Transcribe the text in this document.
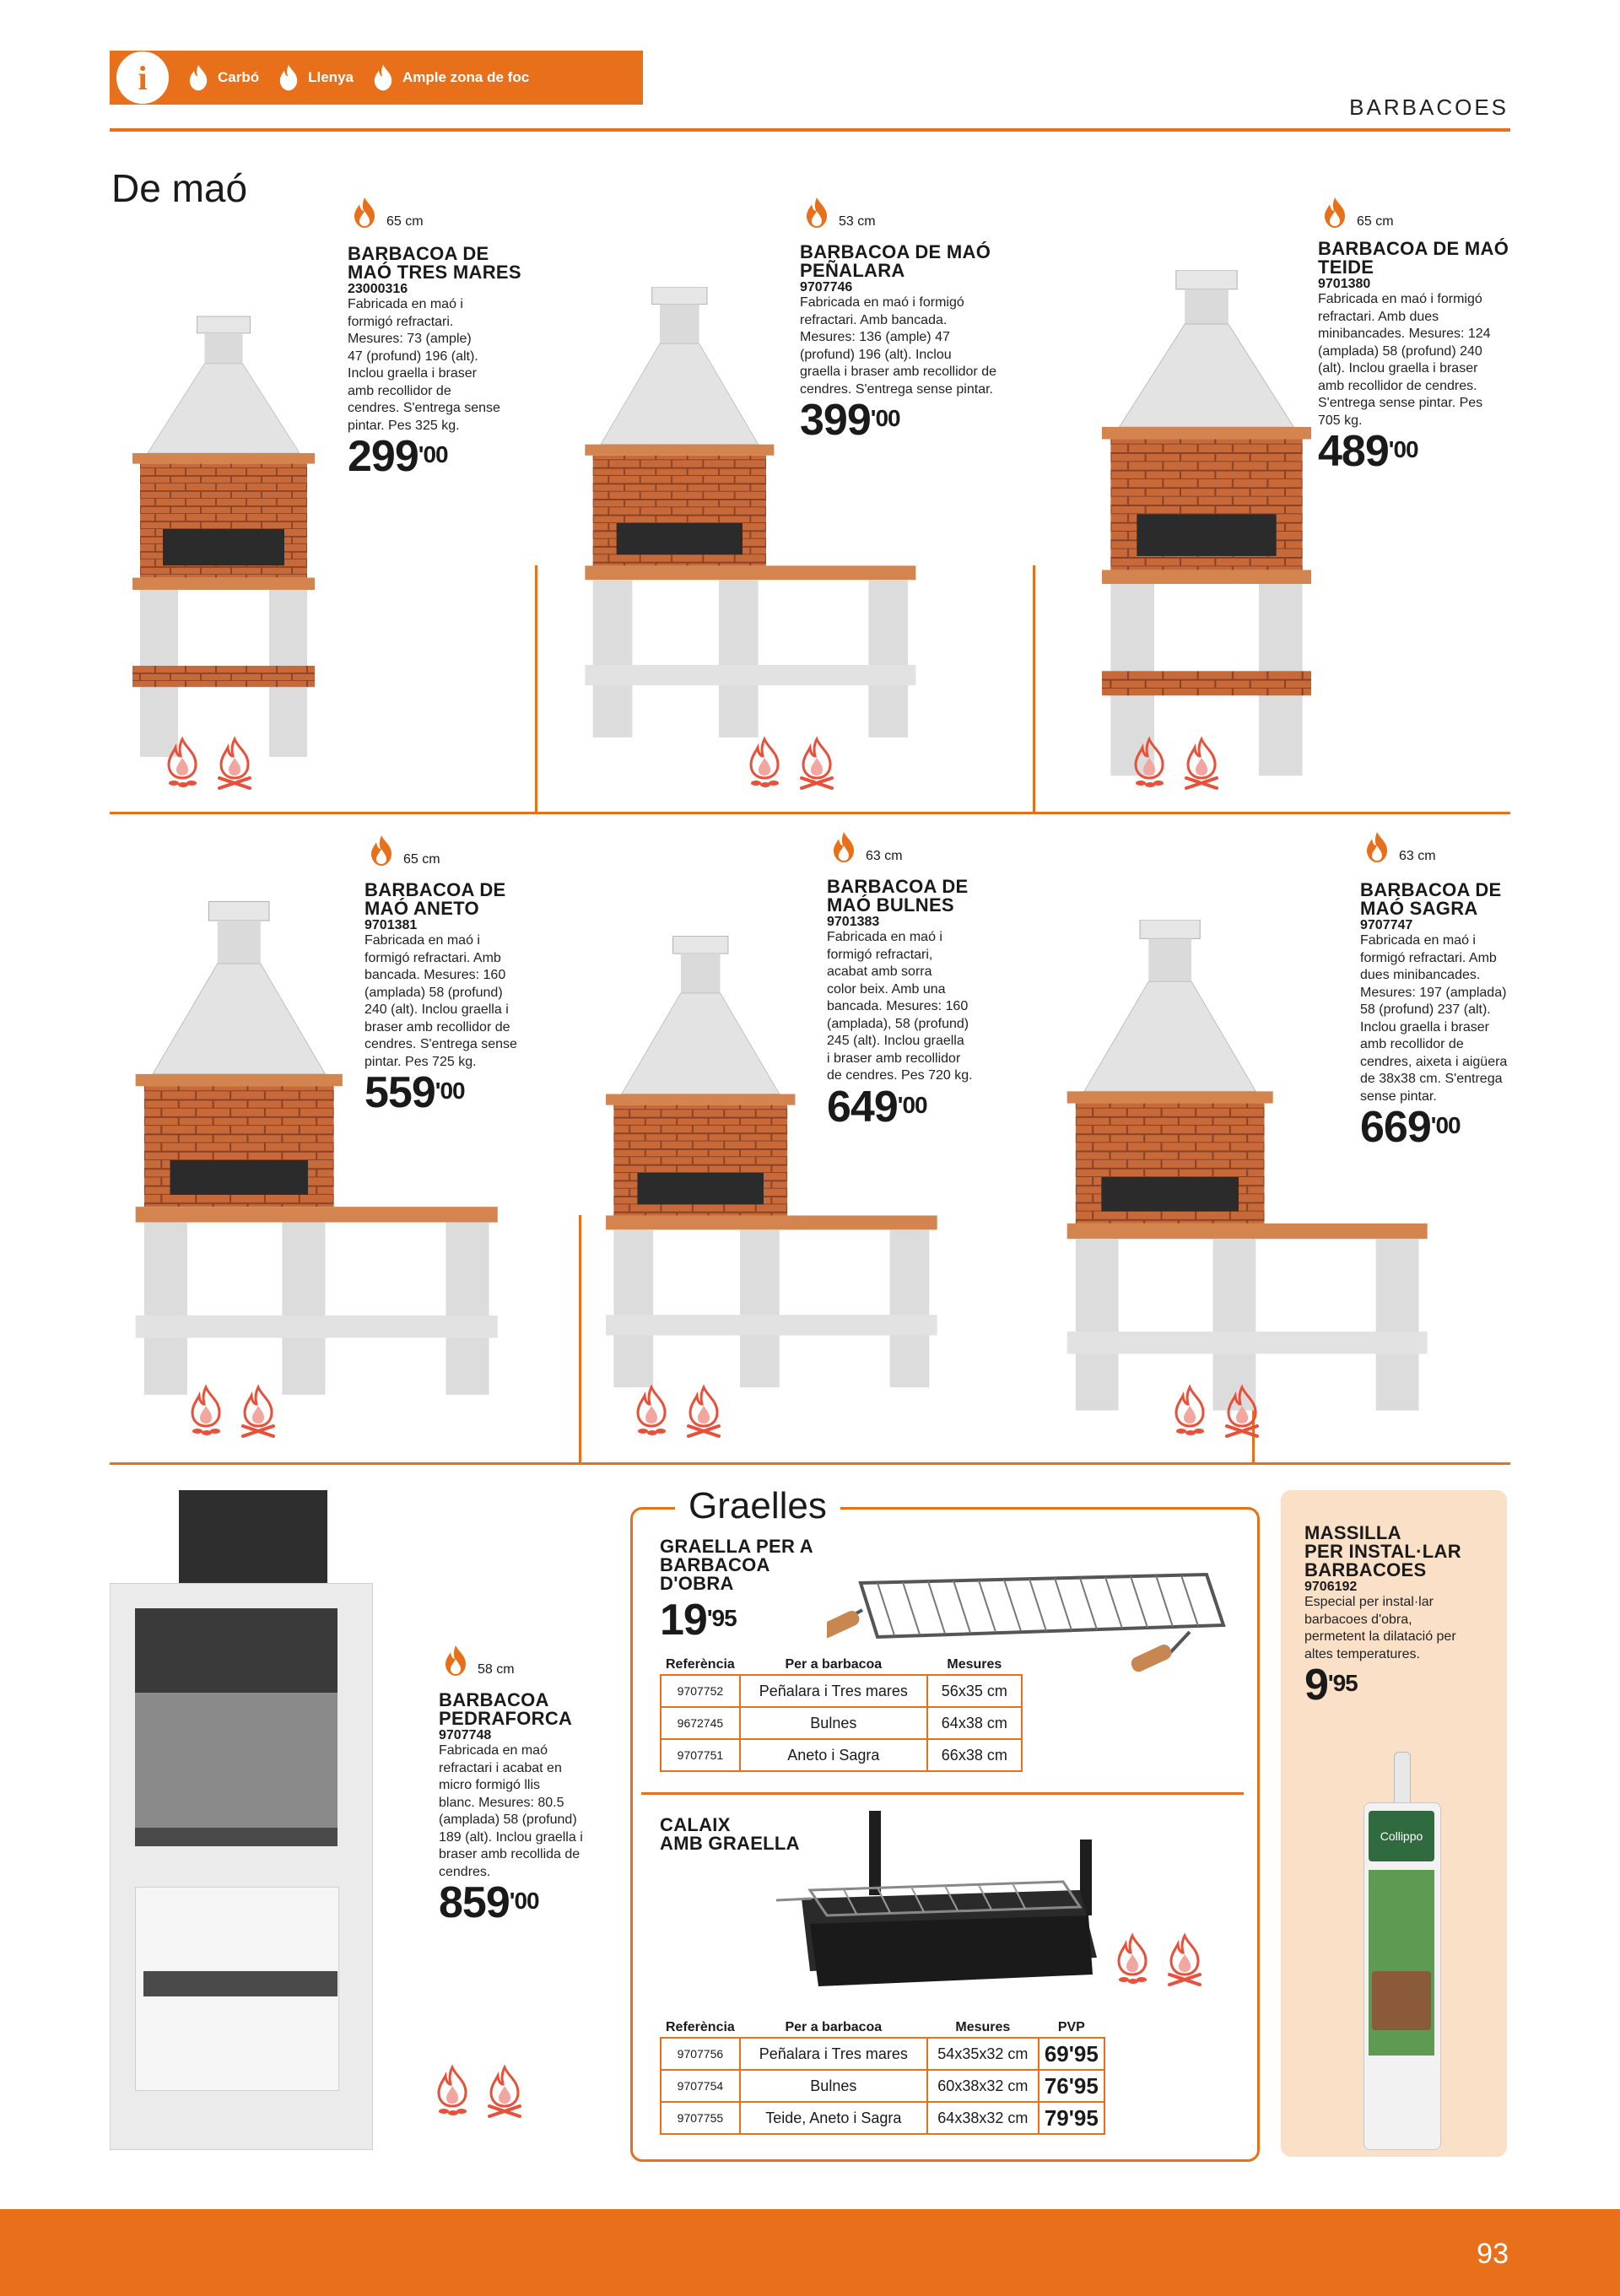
i	Carbó	Llenya	Ample zona de foc
BARBACOES
De maó
65 cm
BARBACOA DE
MAÓ TRES MARES
23000316
Fabricada en maó i
formigó refractari.
Mesures: 73 (ample)
47 (profund) 196 (alt).
Inclou graella i braser
amb recollidor de
cendres. S'entrega sense
pintar. Pes 325 kg.
$299^{'00}$
53 cm
BARBACOA DE MAÓ
PEÑALARA
9707746
Fabricada en maó i formigó
refractari. Amb bancada.
Mesures: 136 (ample) 47
(profund) 196 (alt). Inclou
graella i braser amb recollidor de
cendres. S'entrega sense pintar.
$399^{'00}$
65 cm
BARBACOA DE MAÓ
TEIDE
9701380
Fabricada en maó i formigó
refractari. Amb dues
minibancades. Mesures: 124
(amplada) 58 (profund) 240
(alt). Inclou graella i braser
amb recollidor de cendres.
S'entrega sense pintar. Pes
705 kg.
$489^{'00}$
65 cm
BARBACOA DE
MAÓ ANETO
9701381
Fabricada en maó i
formigó refractari. Amb
bancada. Mesures: 160
(amplada) 58 (profund)
240 (alt). Inclou graella i
braser amb recollidor de
cendres. S'entrega sense
pintar. Pes 725 kg.
$559^{'00}$
63 cm
BARBACOA DE
MAÓ BULNES
9701383
Fabricada en maó i
formigó refractari,
acabat amb sorra
color beix. Amb una
bancada. Mesures: 160
(amplada), 58 (profund)
245 (alt). Inclou graella
i braser amb recollidor
de cendres. Pes 720 kg.
$649^{'00}$
63 cm
BARBACOA DE
MAÓ SAGRA
9707747
Fabricada en maó i
formigó refractari. Amb
dues minibancades.
Mesures: 197 (amplada)
58 (profund) 237 (alt).
Inclou graella i braser
amb recollidor de
cendres, aixeta i aigüera
de 38x38 cm. S'entrega
sense pintar.
$669^{'00}$
58 cm
BARBACOA
PEDRAFORCA
9707748
Fabricada en maó
refractari i acabat en
micro formigó llis
blanc. Mesures: 80.5
(amplada) 58 (profund)
189 (alt). Inclou graella i
braser amb recollida de
cendres.
$859^{'00}$
Graelles
GRAELLA PER A BARBACOA
D'OBRA
$19^{'95}$
Referència	Per a barbacoa	Mesures
9707752	Peñalara i Tres mares	56x35 cm
9672745	Bulnes	64x38 cm
9707751	Aneto i Sagra	66x38 cm
CALAIX
AMB GRAELLA
Referència	Per a barbacoa	Mesures	PVP
9707756	Peñalara i Tres mares	54x35x32 cm	69'95
9707754	Bulnes	60x38x32 cm	76'95
9707755	Teide, Aneto i Sagra	64x38x32 cm	79'95
MASSILLA
PER INSTAL·LAR
BARBACOES
9706192
Especial per instal·lar
barbacoes d'obra,
permetent la dilatació per
altes temperatures.
$9^{'95}$
Collippo
93
